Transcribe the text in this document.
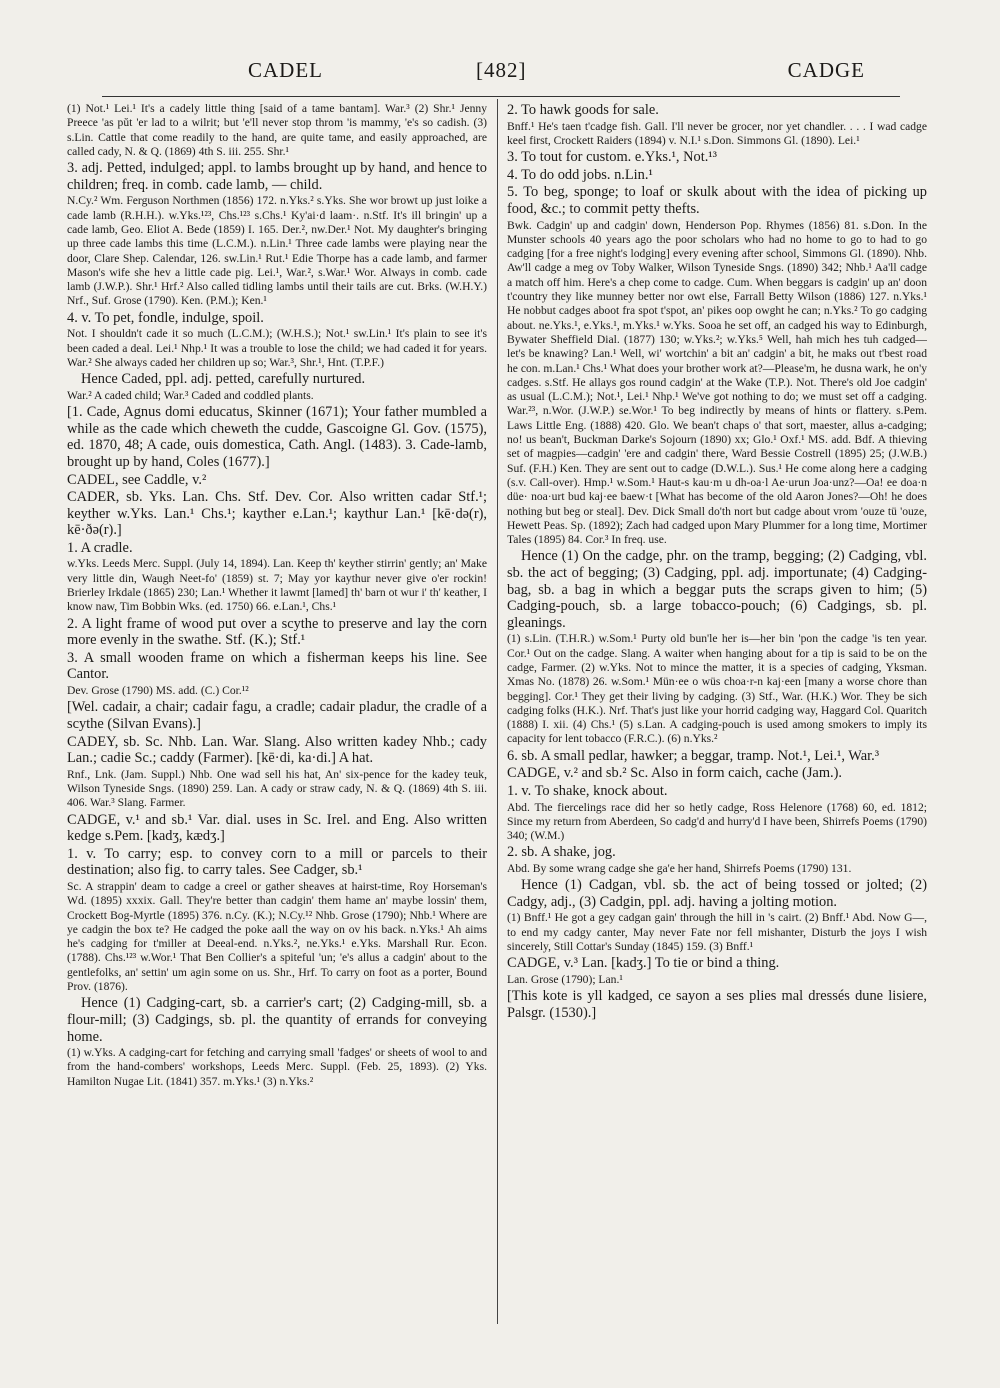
CADEL	[482]	CADGE

(1) Not.¹ Lei.¹ It's a cadely little thing [said of a tame bantam]. War.³ (2) Shr.¹ Jenny Preece 'as pŭt 'er lad to a wilrit; but 'e'll never stop throm 'is mammy, 'e's so cadish. (3) s.Lin. Cattle that come readily to the hand, are quite tame, and easily approached, are called cady, N. & Q. (1869) 4th S. iii. 255. Shr.¹

3. adj. Petted, indulged; appl. to lambs brought up by hand, and hence to children; freq. in comb. cade lamb, — child.

N.Cy.² Wm. Ferguson Northmen (1856) 172. n.Yks.² s.Yks. She wor browt up just loike a cade lamb (R.H.H.). w.Yks.¹²³, Chs.¹²³ s.Chs.¹ Ky'ai·d laam·. n.Stf. It's ill bringin' up a cade lamb, Geo. Eliot A. Bede (1859) I. 165. Der.², nw.Der.¹ Not. My daughter's bringing up three cade lambs this time (L.C.M.). n.Lin.¹ Three cade lambs were playing near the door, Clare Shep. Calendar, 126. sw.Lin.¹ Rut.¹ Edie Thorpe has a cade lamb, and farmer Mason's wife she hev a little cade pig. Lei.¹, War.², s.War.¹ Wor. Always in comb. cade lamb (J.W.P.). Shr.¹ Hrf.² Also called tidling lambs until their tails are cut. Brks. (W.H.Y.) Nrf., Suf. Grose (1790). Ken. (P.M.); Ken.¹

4. v. To pet, fondle, indulge, spoil.

Not. I shouldn't cade it so much (L.C.M.); (W.H.S.); Not.¹ sw.Lin.¹ It's plain to see it's been caded a deal. Lei.¹ Nhp.¹ It was a trouble to lose the child; we had caded it for years. War.² She always caded her children up so; War.³, Shr.¹, Hnt. (T.P.F.)

Hence Caded, ppl. adj. petted, carefully nurtured.

War.² A caded child; War.³ Caded and coddled plants.

[1. Cade, Agnus domi educatus, Skinner (1671); Your father mumbled a while as the cade which cheweth the cudde, Gascoigne Gl. Gov. (1575), ed. 1870, 48; A cade, ouis domestica, Cath. Angl. (1483). 3. Cade-lamb, brought up by hand, Coles (1677).]

CADEL, see Caddle, v.²

CADER, sb. Yks. Lan. Chs. Stf. Dev. Cor. Also written cadar Stf.¹; keyther w.Yks. Lan.¹ Chs.¹; kayther e.Lan.¹; kaythur Lan.¹ [kē·də(r), kē·ðə(r).]

1. A cradle.

w.Yks. Leeds Merc. Suppl. (July 14, 1894). Lan. Keep th' keyther stirrin' gently; an' Make very little din, Waugh Neet-fo' (1859) st. 7; May yor kaythur never give o'er rockin! Brierley Irkdale (1865) 230; Lan.¹ Whether it lawmt [lamed] th' barn ot wur i' th' keather, I know naw, Tim Bobbin Wks. (ed. 1750) 66. e.Lan.¹, Chs.¹

2. A light frame of wood put over a scythe to preserve and lay the corn more evenly in the swathe. Stf. (K.); Stf.¹

3. A small wooden frame on which a fisherman keeps his line. See Cantor.

Dev. Grose (1790) MS. add. (C.) Cor.¹²

[Wel. cadair, a chair; cadair fagu, a cradle; cadair pladur, the cradle of a scythe (Silvan Evans).]

CADEY, sb. Sc. Nhb. Lan. War. Slang. Also written kadey Nhb.; cady Lan.; cadie Sc.; caddy (Farmer). [kē·di, ka·di.] A hat.

Rnf., Lnk. (Jam. Suppl.) Nhb. One wad sell his hat, An' six-pence for the kadey teuk, Wilson Tyneside Sngs. (1890) 259. Lan. A cady or straw cady, N. & Q. (1869) 4th S. iii. 406. War.³ Slang. Farmer.

CADGE, v.¹ and sb.¹ Var. dial. uses in Sc. Irel. and Eng. Also written kedge s.Pem. [kadʒ, kædʒ.]

1. v. To carry; esp. to convey corn to a mill or parcels to their destination; also fig. to carry tales. See Cadger, sb.¹

Sc. A strappin' deam to cadge a creel or gather sheaves at hairst-time, Roy Horseman's Wd. (1895) xxxix. Gall. They're better than cadgin' them hame an' maybe lossin' them, Crockett Bog-Myrtle (1895) 376. n.Cy. (K.); N.Cy.¹² Nhb. Grose (1790); Nhb.¹ Where are ye cadgin the box te? He cadged the poke aall the way on ov his back. n.Yks.¹ Ah aims he's cadging for t'miller at Deeal-end. n.Yks.², ne.Yks.¹ e.Yks. Marshall Rur. Econ. (1788). Chs.¹²³ w.Wor.¹ That Ben Collier's a spiteful 'un; 'e's allus a cadgin' about to the gentlefolks, an' settin' um agin some on us. Shr., Hrf. To carry on foot as a porter, Bound Prov. (1876).

Hence (1) Cadging-cart, sb. a carrier's cart; (2) Cadging-mill, sb. a flour-mill; (3) Cadgings, sb. pl. the quantity of errands for conveying home.

(1) w.Yks. A cadging-cart for fetching and carrying small 'fadges' or sheets of wool to and from the hand-combers' workshops, Leeds Merc. Suppl. (Feb. 25, 1893). (2) Yks. Hamilton Nugae Lit. (1841) 357. m.Yks.¹ (3) n.Yks.²

2. To hawk goods for sale.

Bnff.¹ He's taen t'cadge fish. Gall. I'll never be grocer, nor yet chandler. . . . I wad cadge keel first, Crockett Raiders (1894) v. N.I.¹ s.Don. Simmons Gl. (1890). Lei.¹

3. To tout for custom. e.Yks.¹, Not.¹³

4. To do odd jobs. n.Lin.¹

5. To beg, sponge; to loaf or skulk about with the idea of picking up food, &c.; to commit petty thefts.

Bwk. Cadgin' up and cadgin' down, Henderson Pop. Rhymes (1856) 81. s.Don. In the Munster schools 40 years ago the poor scholars who had no home to go to had to go cadging [for a free night's lodging] every evening after school, Simmons Gl. (1890). Nhb. Aw'll cadge a meg ov Toby Walker, Wilson Tyneside Sngs. (1890) 342; Nhb.¹ Aa'll cadge a match off him. Here's a chep come to cadge. Cum. When beggars is cadgin' up an' doon t'country they like munney better nor owt else, Farrall Betty Wilson (1886) 127. n.Yks.¹ He nobbut cadges aboot fra spot t'spot, an' pikes oop owght he can; n.Yks.² To go cadging about. ne.Yks.¹, e.Yks.¹, m.Yks.¹ w.Yks. Sooa he set off, an cadged his way to Edinburgh, Bywater Sheffield Dial. (1877) 130; w.Yks.²; w.Yks.⁵ Well, hah mich hes tuh cadged—let's be knawing? Lan.¹ Well, wi' wortchin' a bit an' cadgin' a bit, he maks out t'best road he con. m.Lan.¹ Chs.¹ What does your brother work at?—Please'm, he dusna wark, he on'y cadges. s.Stf. He allays gos round cadgin' at the Wake (T.P.). Not. There's old Joe cadgin' as usual (L.C.M.); Not.¹, Lei.¹ Nhp.¹ We've got nothing to do; we must set off a cadging. War.²³, n.Wor. (J.W.P.) se.Wor.¹ To beg indirectly by means of hints or flattery. s.Pem. Laws Little Eng. (1888) 420. Glo. We bean't chaps o' that sort, maester, allus a-cadging; no! us bean't, Buckman Darke's Sojourn (1890) xx; Glo.¹ Oxf.¹ MS. add. Bdf. A thieving set of magpies—cadgin' 'ere and cadgin' there, Ward Bessie Costrell (1895) 25; (J.W.B.) Suf. (F.H.) Ken. They are sent out to cadge (D.W.L.). Sus.¹ He come along here a cadging (s.v. Call-over). Hmp.¹ w.Som.¹ Haut-s kau·m u dh-oa·l Ae·urun Joa·unz?—Oa! ee doa·n düe· noa·urt bud kaj·ee baew·t [What has become of the old Aaron Jones?—Oh! he does nothing but beg or steal]. Dev. Dick Small do'th nort but cadge about vrom 'ouze tü 'ouze, Hewett Peas. Sp. (1892); Zach had cadged upon Mary Plummer for a long time, Mortimer Tales (1895) 84. Cor.³ In freq. use.

Hence (1) On the cadge, phr. on the tramp, begging; (2) Cadging, vbl. sb. the act of begging; (3) Cadging, ppl. adj. importunate; (4) Cadging-bag, sb. a bag in which a beggar puts the scraps given to him; (5) Cadging-pouch, sb. a large tobacco-pouch; (6) Cadgings, sb. pl. gleanings.

(1) s.Lin. (T.H.R.) w.Som.¹ Purty old bun'le her is—her bin 'pon the cadge 'is ten year. Cor.¹ Out on the cadge. Slang. A waiter when hanging about for a tip is said to be on the cadge, Farmer. (2) w.Yks. Not to mince the matter, it is a species of cadging, Yksman. Xmas No. (1878) 26. w.Som.¹ Mün·ee o wüs choa·r-n kaj·een [many a worse chore than begging]. Cor.¹ They get their living by cadging. (3) Stf., War. (H.K.) Wor. They be sich cadging folks (H.K.). Nrf. That's just like your horrid cadging way, Haggard Col. Quaritch (1888) I. xii. (4) Chs.¹ (5) s.Lan. A cadging-pouch is used among smokers to imply its capacity for lent tobacco (F.R.C.). (6) n.Yks.²

6. sb. A small pedlar, hawker; a beggar, tramp. Not.¹, Lei.¹, War.³

CADGE, v.² and sb.² Sc. Also in form caich, cache (Jam.).

1. v. To shake, knock about.

Abd. The fiercelings race did her so hetly cadge, Ross Helenore (1768) 60, ed. 1812; Since my return from Aberdeen, So cadg'd and hurry'd I have been, Shirrefs Poems (1790) 340; (W.M.)

2. sb. A shake, jog.

Abd. By some wrang cadge she ga'e her hand, Shirrefs Poems (1790) 131.

Hence (1) Cadgan, vbl. sb. the act of being tossed or jolted; (2) Cadgy, adj., (3) Cadgin, ppl. adj. having a jolting motion.

(1) Bnff.¹ He got a gey cadgan gain' through the hill in 's cairt. (2) Bnff.¹ Abd. Now G—, to end my cadgy canter, May never Fate nor fell mishanter, Disturb the joys I wish sincerely, Still Cottar's Sunday (1845) 159. (3) Bnff.¹

CADGE, v.³ Lan. [kadʒ.] To tie or bind a thing.

Lan. Grose (1790); Lan.¹

[This kote is yll kadged, ce sayon a ses plies mal dressés dune lisiere, Palsgr. (1530).]
